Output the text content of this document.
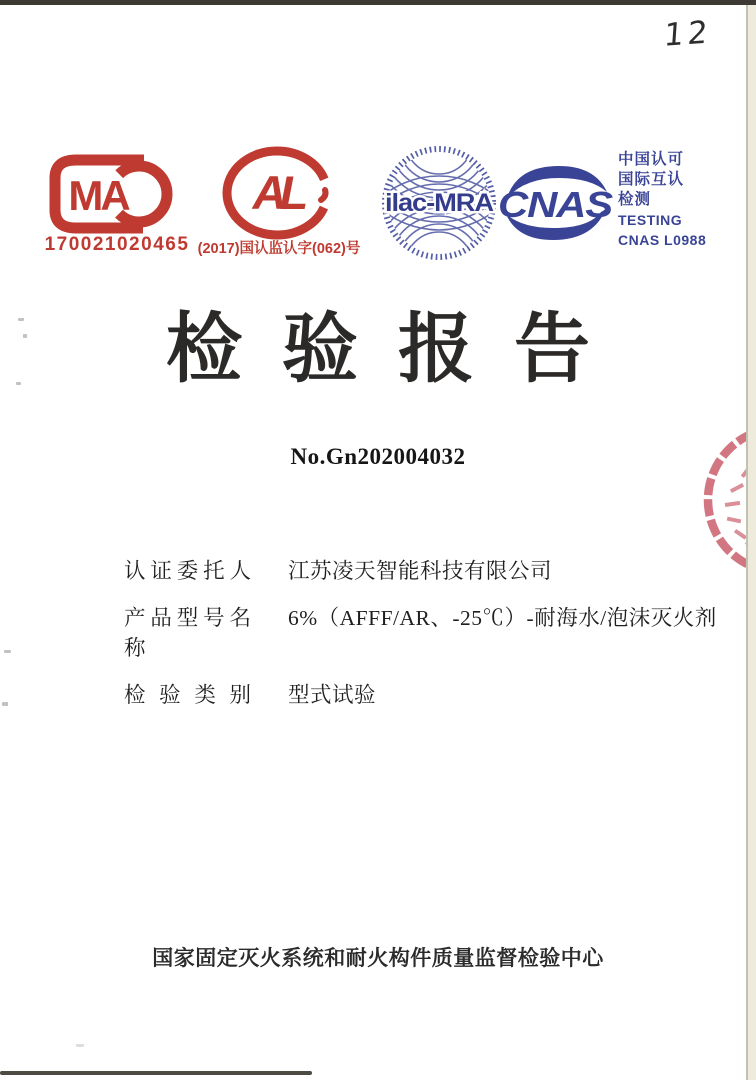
12
MA
170021020465
AL
(2017)国认监认字(062)号
ilac-MRA CNAS
中国认可
国际互认
检测
TESTING
CNAS L0988
检验报告
No.Gn202004032
认证委托人 江苏凌天智能科技有限公司
产品型号名称
6%（AFFF/AR、-25℃）-耐海水/泡沫灭火剂
检验类别 型式试验
国家固定灭火系统和耐火构件质量监督检验中心
